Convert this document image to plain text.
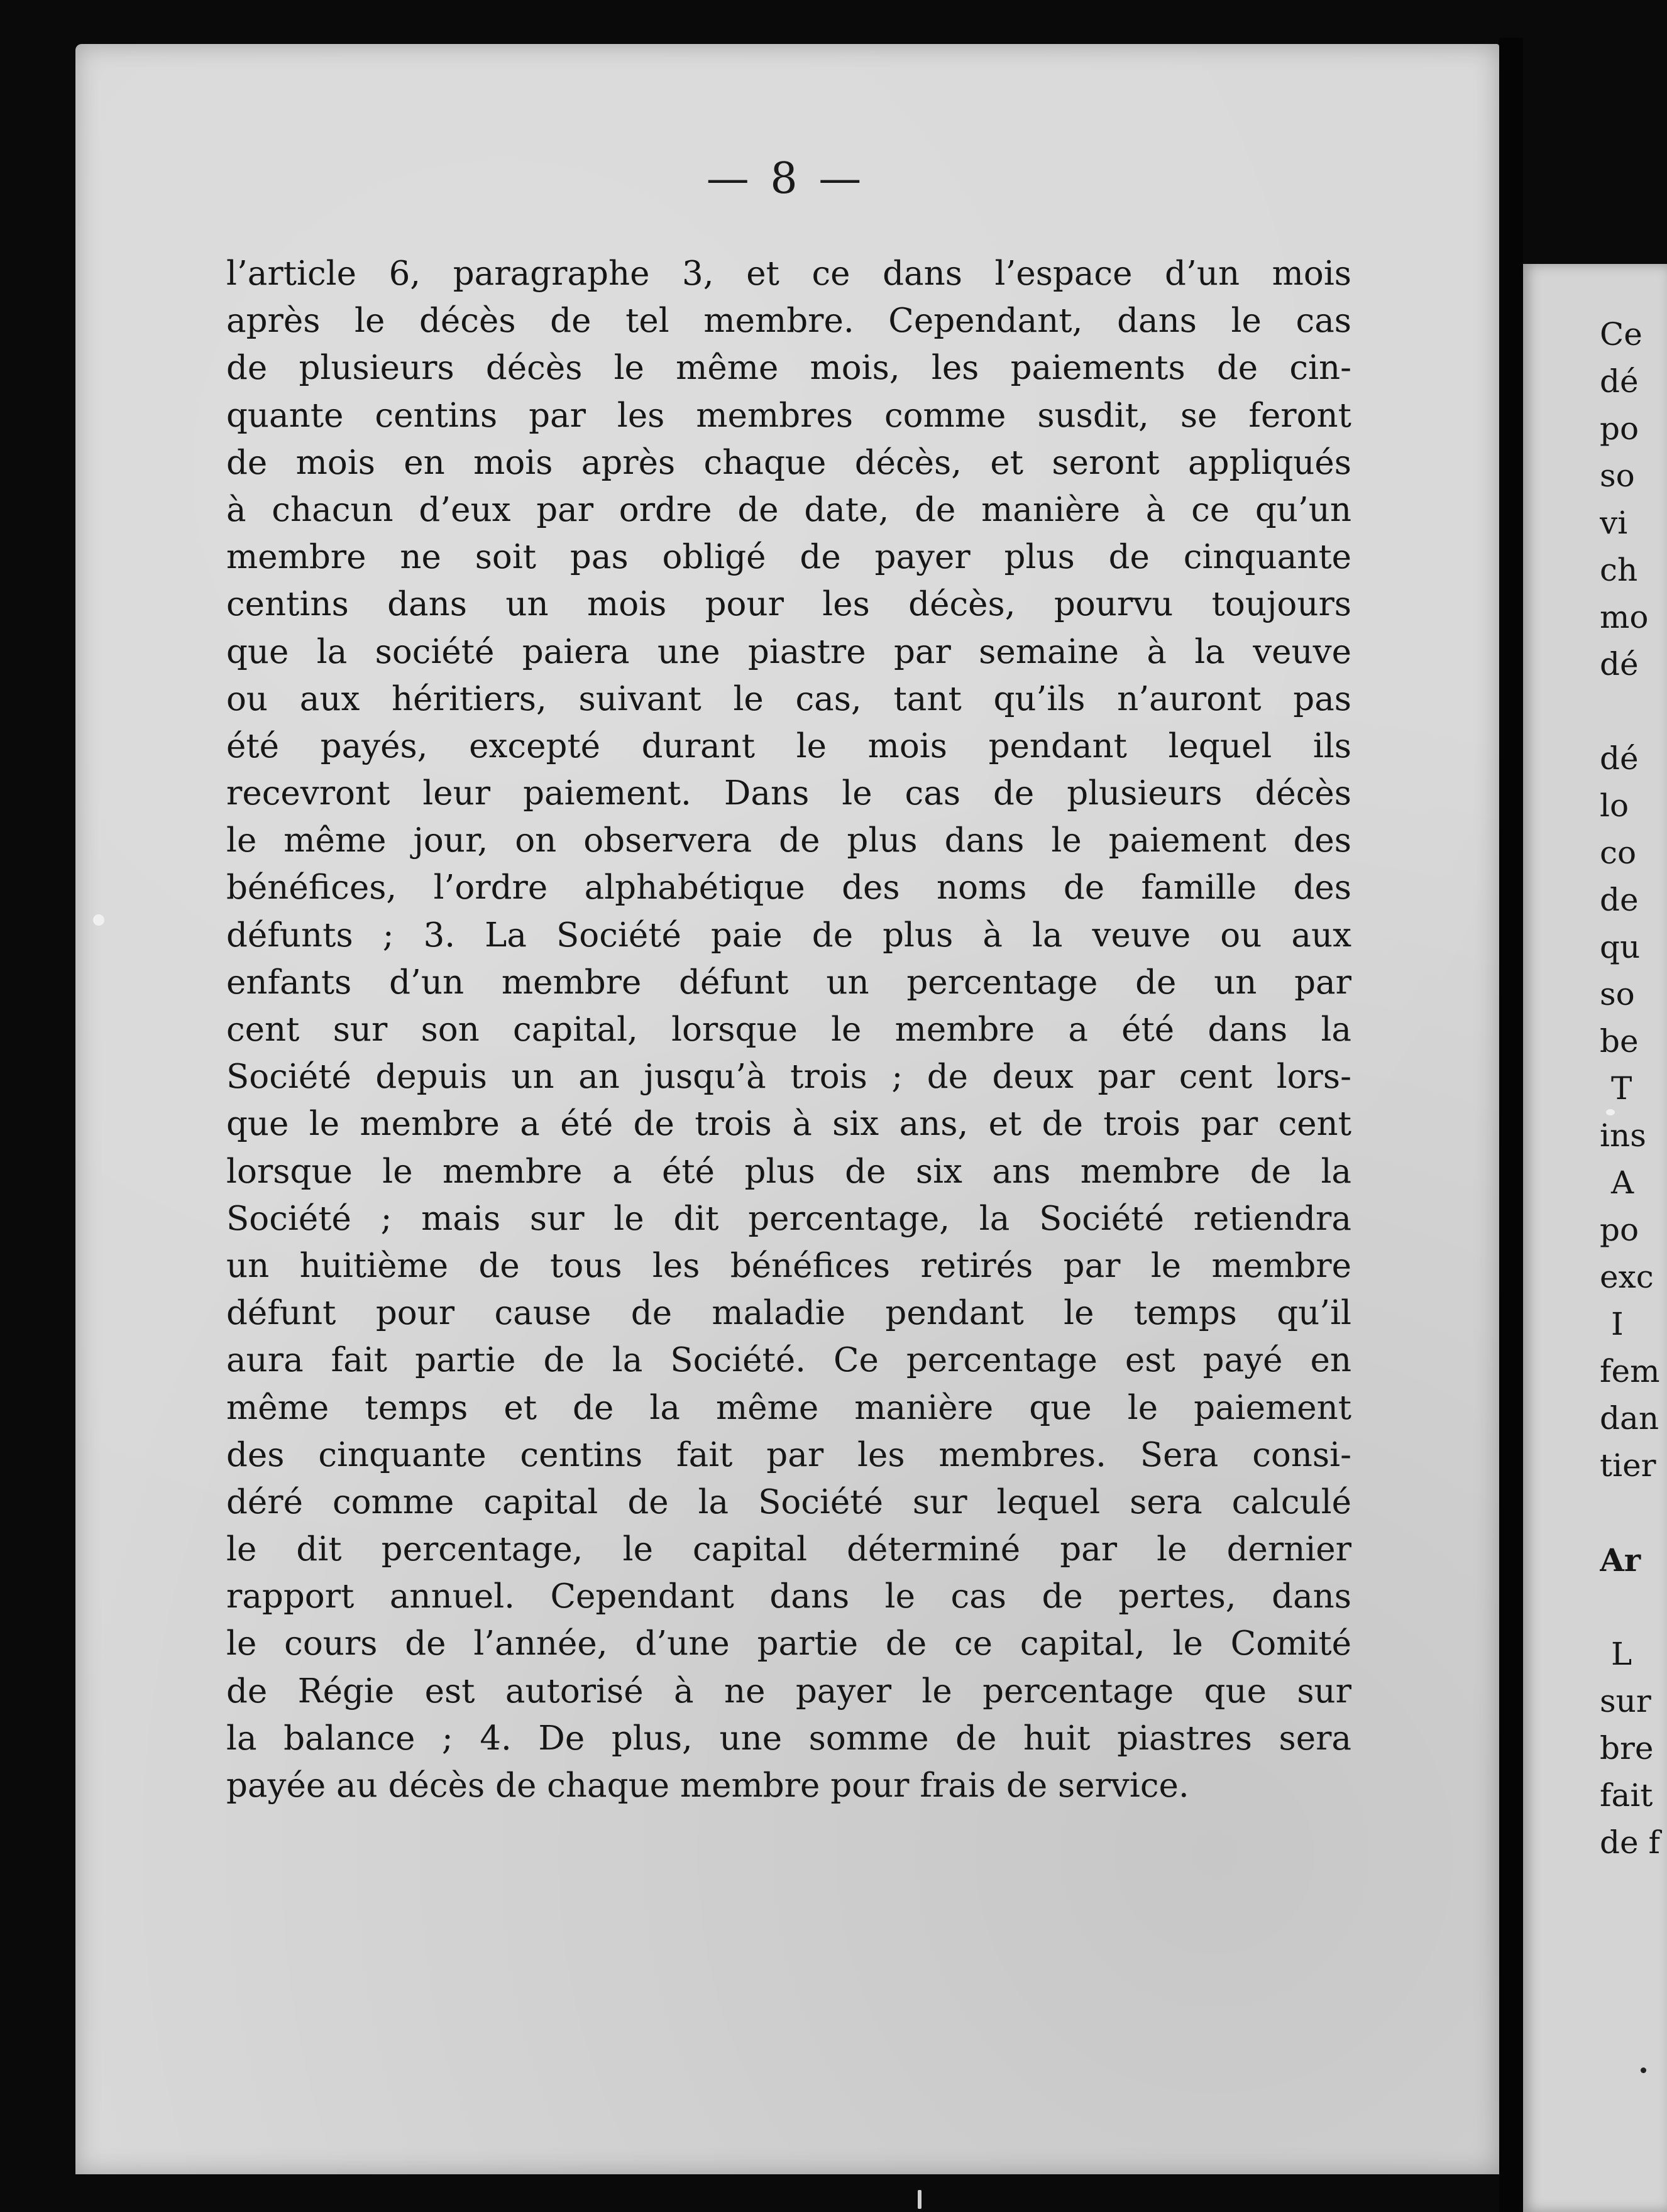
— 8 —
l’article 6, paragraphe 3, et ce dans l’espace d’un mois
après le décès de tel membre. Cependant, dans le cas
de plusieurs décès le même mois, les paiements de cin-
quante centins par les membres comme susdit, se feront
de mois en mois après chaque décès, et seront appliqués
à chacun d’eux par ordre de date, de manière à ce qu’un
membre ne soit pas obligé de payer plus de cinquante
centins dans un mois pour les décès, pourvu toujours
que la société paiera une piastre par semaine à la veuve
ou aux héritiers, suivant le cas, tant qu’ils n’auront pas
été payés, excepté durant le mois pendant lequel ils
recevront leur paiement. Dans le cas de plusieurs décès
le même jour, on observera de plus dans le paiement des
bénéfices, l’ordre alphabétique des noms de famille des
défunts ; 3. La Société paie de plus à la veuve ou aux
enfants d’un membre défunt un percentage de un par
cent sur son capital, lorsque le membre a été dans la
Société depuis un an jusqu’à trois ; de deux par cent lors-
que le membre a été de trois à six ans, et de trois par cent
lorsque le membre a été plus de six ans membre de la
Société ; mais sur le dit percentage, la Société retiendra
un huitième de tous les bénéfices retirés par le membre
défunt pour cause de maladie pendant le temps qu’il
aura fait partie de la Société. Ce percentage est payé en
même temps et de la même manière que le paiement
des cinquante centins fait par les membres. Sera consi-
déré comme capital de la Société sur lequel sera calculé
le dit percentage, le capital déterminé par le dernier
rapport annuel. Cependant dans le cas de pertes, dans
le cours de l’année, d’une partie de ce capital, le Comité
de Régie est autorisé à ne payer le percentage que sur
la balance ; 4. De plus, une somme de huit piastres sera
payée au décès de chaque membre pour frais de service.
Ce
dé
po
so
vi
ch
mo
dé
dé
lo
co
de
qu
so
be
T
ins
A
po
exc
I
fem
dan
tier
Ar
L
sur
bre
fait
de f
